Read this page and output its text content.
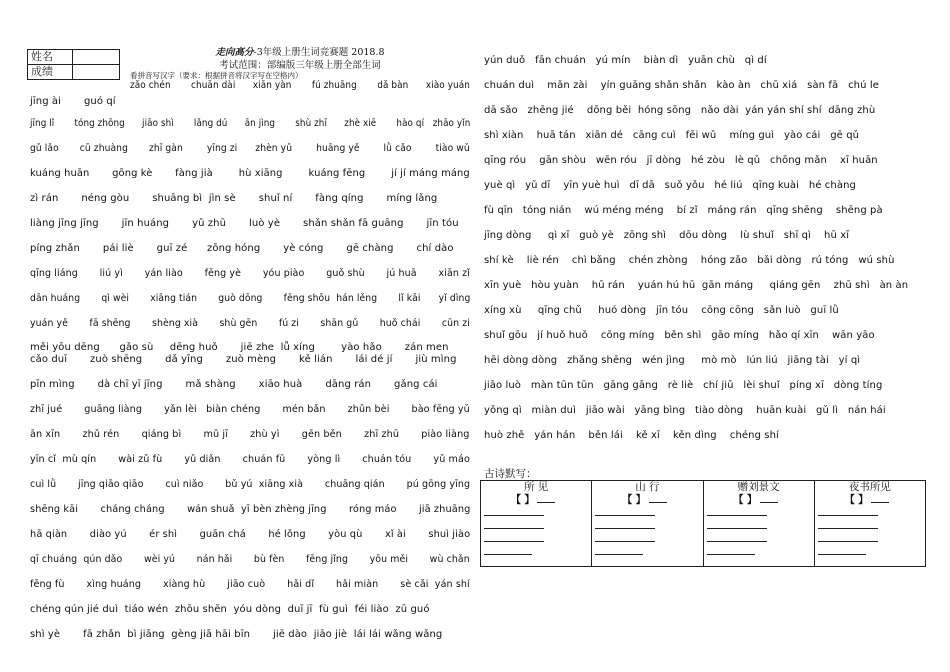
姓名	
成绩	
走向高分-3年级上册生词竞赛题 2018.8
考试范围：部编版三年级上册全部生词
看拼音写汉字（要求：根据拼音将汉字写在空格内）
zǎo chén       chuān dài      xiān yàn       fú zhuāng       dǎ bàn      xiào yuán
jīng ài       guó qí
jīng lǐ       tóng zhōng      jiāo shì       lǎng dú      ān jìng       shù zhī      zhè xiē       hào qí   zhāo yǐn
gǔ lǎo       cū zhuàng       zhī gàn        yīng zi      zhèn yǔ        huāng yě        lǜ cǎo        tiào wǔ
kuáng huān       gōng kè       fàng jià        hù xiāng        kuáng fēng        jí jí máng máng
zì rán       néng gòu       shuāng bì  jìn sè       shuǐ ní       fàng qíng       míng lǎng
liàng jīng jīng       jīn huáng       yǔ zhū       luò yè       shǎn shǎn fā guāng       jīn tóu
píng zhǎn       pái liè       guī zé      zōng hóng       yè cóng       gē chàng       chí dào
qīng liáng       liú yì       yán liào       fēng yè       yóu piào       guǒ shù       jú huā       xiān zǐ
dān huáng       qì wèi       xiāng tián       guò dōng       fēng shōu  hán lěng       lǐ kāi      yǐ dìng
yuán yě       fā shēng       shèng xià       shù gēn       fú zi       shān gǔ       huǒ chái       cūn zi
měi yōu dēng      gǎo sù     dēng huǒ       jiē zhe  lǚ xíng        yào hǎo       zán men
cǎo duī       zuò shēng       dǎ yīng       zuò mèng       kě lián       lái dé jí       jiù mìng
pīn mìng       dà chī yī jīng       mǎ shàng       xiāo huà       dāng rán       gǎng cái
zhī jué       guāng liàng       yǎn lèi   biàn chéng       mén bǎn       zhǔn bèi       bào fēng yǔ
ān xīn       zhǔ rén       qiáng bì       mǔ jī       zhù yì       gēn běn       zhī zhū       piào liàng
yīn cǐ  mù qín       wài zǔ fù       yǔ diǎn       chuán fū       yòng lì       chuán tóu       yǔ máo
cuì lǜ       jīng qiāo qiāo       cuì niǎo       bǔ yú  xiāng xià       chuāng qián       pú gōng yīng
shēng kāi       cháng cháng       wán shuǎ  yī bèn zhèng jīng       róng máo       jiā zhuāng
hā qiàn       diào yú       ér shì       guān chá       hé lǒng       yòu qù       xǐ ài       shuì jiào
qī chuáng  qún dǎo       wèi yú       nán hǎi       bù fèn       fēng jǐng       yōu měi       wù chǎn
fēng fù       xìng huáng       xiàng hù       jiāo cuò       hǎi dǐ       hǎi miàn       sè cǎi  yán shí
chéng qún jié duì  tiáo wén  zhōu shēn  yóu dòng  duī jī  fù guì  féi liào  zū guó
shì yè       fā zhǎn  bì jiāng  gèng jiā hāi bīn       jiē dào  jiāo jiè  lái lái wǎng wǎng
yún duǒ   fān chuán   yú mín    biàn dì   yuān chù   qì dí
chuán duì    mǎn zài    yín guāng shǎn shǎn   kào àn   chū xiá   sàn fā   chú le
dā sǎo   zhēng jié    dōng běi  hóng sōng   nǎo dài  yán yán shí shí  dāng zhù
shì xiàn    huā tán   xiān dé   cāng cuì   fēi wǔ    míng guì   yào cái   gē qǔ
qīng róu    gān shòu   wēn róu   jī dòng   hé zòu   lè qǔ   chōng mǎn    xī huān
yuè qì   yǔ dī    yīn yuè huì   dī dā   suǒ yǒu   hé liú   qīng kuài   hé chàng
fù qīn   tóng nián    wú méng méng    bí zǐ   máng rán   qīng shēng    shēng pà
jīng dòng     qì xī   guò yè   zōng shì    dōu dòng    lù shuǐ   shī qì    hū xī
shí kè    liè rén    chì bǎng    chén zhòng    hóng zǎo   bǎi dòng   rú tóng   wú shù
xīn yuè   hòu yuàn    hū rán    yuán hú hū  gān máng     qiáng gēn    zhū shì   àn àn
xíng xù     qīng chǔ     huó dòng   jīn tóu    cōng cōng   sǎn luò   guī lǜ
shuǐ gōu   jí huǒ huǒ    cōng míng   běn shì   gāo míng   hǎo qí xīn    wān yāo
hēi dòng dòng   zhǎng shēng   wén jìng     mò mò   lún liú   jiāng tài   yí qì
jiāo luò   màn tūn tūn   gāng gāng   rè liè   chí jiǔ   lèi shuǐ   píng xī   dòng tíng
yǒng qì   miàn duì   jiāo wài   yāng bìng   tiào dòng    huān kuài   gǔ lì   nán hái
huò zhě   yán hán    běn lái    kě xī    kěn dìng    chéng shí
古诗默写：
所 见
【 】

山 行
【 】

赠刘景文
【 】

夜书所见
【 】
